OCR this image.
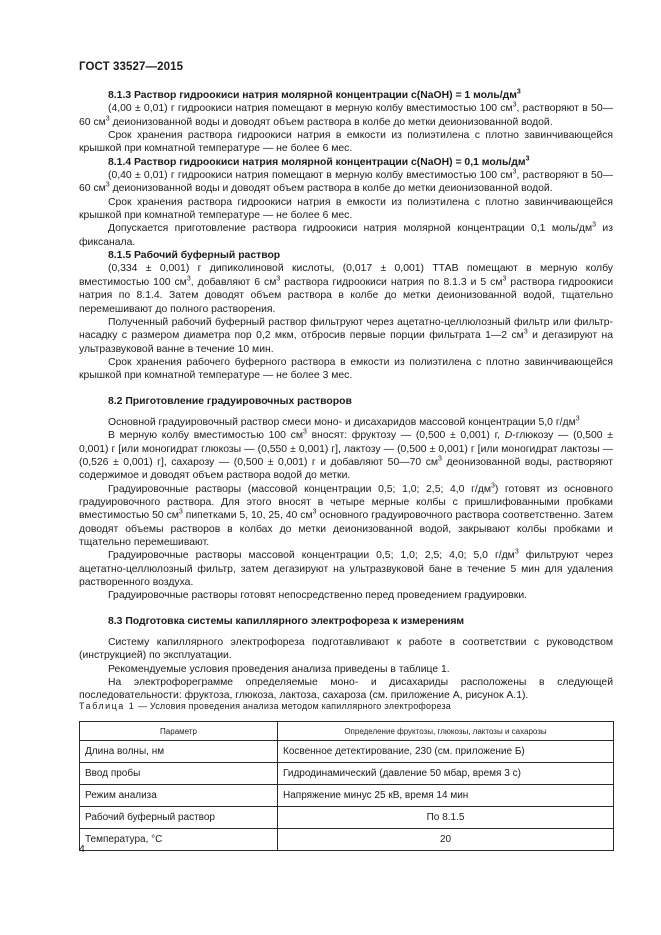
ГОСТ 33527—2015

8.1.3 Раствор гидроокиси натрия молярной концентрации с(NaOH) = 1 моль/$дм^3$

(4,00 ± 0,01) г гидроокиси натрия помещают в мерную колбу вместимостью 100 $см^3$, растворяют в 50—60 $см^3$ деионизованной воды и доводят объем раствора в колбе до метки деионизованной водой.

Срок хранения раствора гидроокиси натрия в емкости из полиэтилена с плотно завинчивающейся крышкой при комнатной температуре — не более 6 мес.

8.1.4 Раствор гидроокиси натрия молярной концентрации с(NaOH) = 0,1 моль/$дм^3$

(0,40 ± 0,01) г гидроокиси натрия помещают в мерную колбу вместимостью 100 $см^3$, растворяют в 50—60 $см^3$ деионизованной воды и доводят объем раствора в колбе до метки деионизованной водой.

Срок хранения раствора гидроокиси натрия в емкости из полиэтилена с плотно завинчивающейся крышкой при комнатной температуре — не более 6 мес.

Допускается приготовление раствора гидроокиси натрия молярной концентрации 0,1 моль/$дм^3$ из фиксанала.

8.1.5 Рабочий буферный раствор

(0,334 ± 0,001) г дипиколиновой кислоты, (0,017 ± 0,001) ТТАВ помещают в мерную колбу вместимостью 100 $см^3$, добавляют 6 $см^3$ раствора гидроокиси натрия по 8.1.3 и 5 $см^3$ раствора гидроокиси натрия по 8.1.4. Затем доводят объем раствора в колбе до метки деионизованной водой, тщательно перемешивают до полного растворения.

Полученный рабочий буферный раствор фильтруют через ацетатно-целлюлозный фильтр или фильтр-насадку с размером диаметра пор 0,2 мкм, отбросив первые порции фильтрата 1—2 $см^3$ и дегазируют на ультразвуковой ванне в течение 10 мин.

Срок хранения рабочего буферного раствора в емкости из полиэтилена с плотно завинчивающейся крышкой при комнатной температуре — не более 3 мес.

8.2 Приготовление градуировочных растворов

Основной градуировочный раствор смеси моно- и дисахаридов массовой концентрации 5,0 $г/дм^3$

В мерную колбу вместимостью 100 $см^3$ вносят: фруктозу — (0,500 ± 0,001) г, D-глюкозу — (0,500 ± 0,001) г [или моногидрат глюкозы — (0,550 ± 0,001) г], лактозу — (0,500 ± 0,001) г [или моногидрат лактозы — (0,526 ± 0,001) г], сахарозу — (0,500 ± 0,001) г и добавляют 50—70 $см^3$ деонизованной воды, растворяют содержимое и доводят объем раствора водой до метки.

Градуировочные растворы (массовой концентрации 0,5; 1,0; 2,5; 4,0 $г/дм^3$) готовят из основного градуировочного раствора. Для этого вносят в четыре мерные колбы с пришлифованными пробками вместимостью 50 $см^3$ пипетками 5, 10, 25, 40 $см^3$ основного градуировочного раствора соответственно. Затем доводят объемы растворов в колбах до метки деионизованной водой, закрывают колбы пробками и тщательно перемешивают.

Градуировочные растворы массовой концентрации 0,5; 1,0; 2,5; 4,0; 5,0 $г/дм^3$ фильтруют через ацетатно-целлюлозный фильтр, затем дегазируют на ультразвуковой бане в течение 5 мин для удаления растворенного воздуха.

Градуировочные растворы готовят непосредственно перед проведением градуировки.

8.3 Подготовка системы капиллярного электрофореза к измерениям

Систему капиллярного электрофореза подготавливают к работе в соответствии с руководством (инструкцией) по эксплуатации.

Рекомендуемые условия проведения анализа приведены в таблице 1.

На электрофореграмме определяемые моно- и дисахариды расположены в следующей последовательности: фруктоза, глюкоза, лактоза, сахароза (см. приложение А, рисунок А.1).

Таблица 1 — Условия проведения анализа методом капиллярного электрофореза
Параметр	Определение фруктозы, глюкозы, лактозы и сахарозы
Длина волны, нм	Косвенное детектирование, 230 (см. приложение Б)
Ввод пробы	Гидродинамический (давление 50 мбар, время 3 с)
Режим анализа	Напряжение минус 25 кВ, время 14 мин
Рабочий буферный раствор	По 8.1.5
Температура, °С	20
4
